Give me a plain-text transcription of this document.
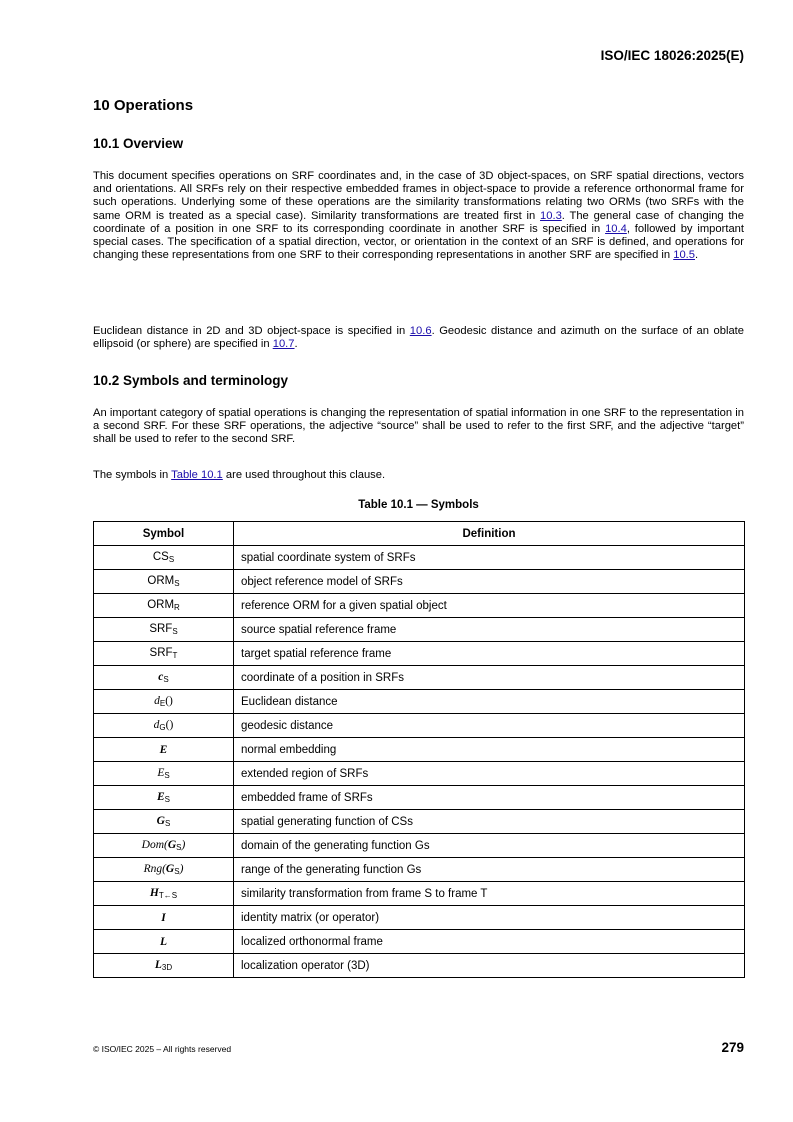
ISO/IEC 18026:2025(E)
10 Operations
10.1 Overview
This document specifies operations on SRF coordinates and, in the case of 3D object-spaces, on SRF spatial directions, vectors and orientations. All SRFs rely on their respective embedded frames in object-space to provide a reference orthonormal frame for such operations. Underlying some of these operations are the similarity transformations relating two ORMs (two SRFs with the same ORM is treated as a special case). Similarity transformations are treated first in 10.3. The general case of changing the coordinate of a position in one SRF to its corresponding coordinate in another SRF is specified in 10.4, followed by important special cases. The specification of a spatial direction, vector, or orientation in the context of an SRF is defined, and operations for changing these representations from one SRF to their corresponding representations in another SRF are specified in 10.5.
Euclidean distance in 2D and 3D object-space is specified in 10.6. Geodesic distance and azimuth on the surface of an oblate ellipsoid (or sphere) are specified in 10.7.
10.2 Symbols and terminology
An important category of spatial operations is changing the representation of spatial information in one SRF to the representation in a second SRF. For these SRF operations, the adjective “source” shall be used to refer to the first SRF, and the adjective “target” shall be used to refer to the second SRF.
The symbols in Table 10.1 are used throughout this clause.
Table 10.1 — Symbols
Symbol	Definition
$CS_S$	spatial coordinate system of SRFs
$ORM_S$	object reference model of SRFs
$ORM_R$	reference ORM for a given spatial object
$SRF_S$	source spatial reference frame
$SRF_T$	target spatial reference frame
$c_S$	coordinate of a position in SRFs
$d_E()$	Euclidean distance
$d_G()$	geodesic distance
E	normal embedding
$E_S$	extended region of SRFs
$E_S$	embedded frame of SRFs
$G_S$	spatial generating function of CSs
$Dom(G_S)$	domain of the generating function Gs
$Rng(G_S)$	range of the generating function Gs
$H_{T\leftarrow S}$	similarity transformation from frame S to frame T
I	identity matrix (or operator)
L	localized orthonormal frame
$L_{3D}$	localization operator (3D)
© ISO/IEC 2025 – All rights reserved	279
